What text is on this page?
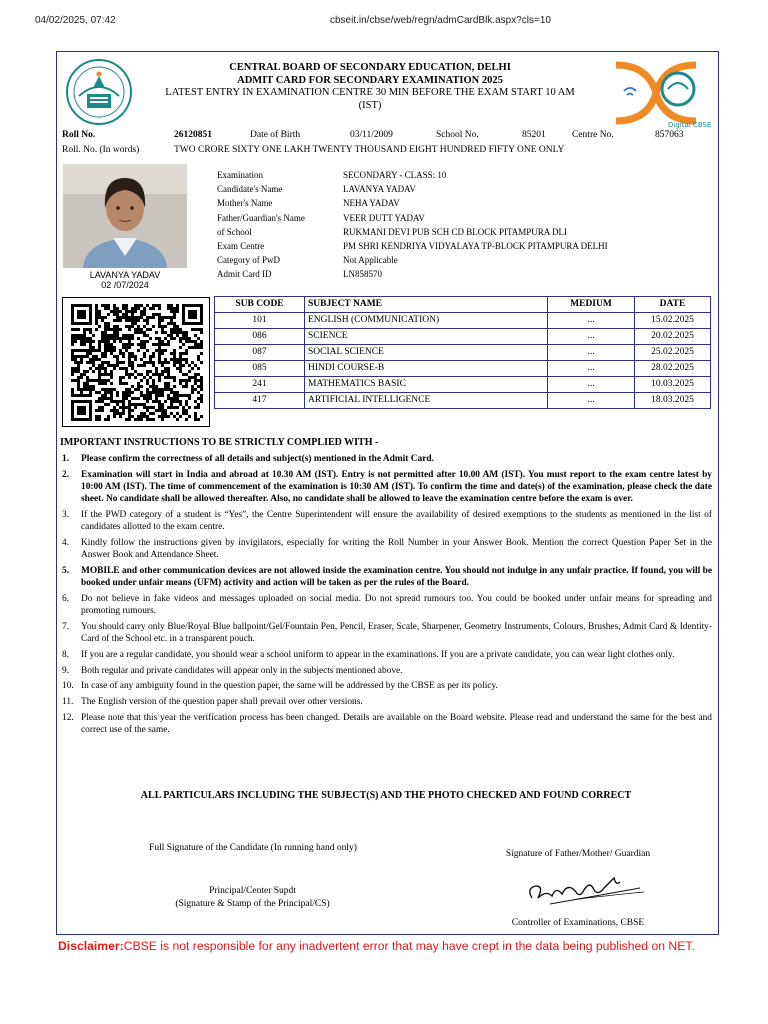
04/02/2025, 07:42	cbseit.in/cbse/web/regn/admCardBlk.aspx?cls=10
Digital CBSE
CENTRAL BOARD OF SECONDARY EDUCATION, DELHI
ADMIT CARD FOR SECONDARY EXAMINATION 2025
LATEST ENTRY IN EXAMINATION CENTRE 30 MIN BEFORE THE EXAM START 10 AM
(IST)
Roll No.	26120851	Date of Birth	03/11/2009	School No.	85201	Centre No.	857063
Roll. No. (In words)	TWO CRORE SIXTY ONE LAKH TWENTY THOUSAND EIGHT HUNDRED FIFTY ONE ONLY
LAVANYA YADAV
02 /07/2024
Examination	SECONDARY - CLASS: 10
Candidate's Name	LAVANYA YADAV
Mother's Name	NEHA YADAV
Father/Guardian's Name	VEER DUTT YADAV
of School	RUKMANI DEVI PUB SCH CD BLOCK PITAMPURA DLI
Exam Centre	PM SHRI KENDRIYA VIDYALAYA TP-BLOCK PITAMPURA DELHI
Category of PwD	Not Applicable
Admit Card ID	LN858570
SUB CODE	SUBJECT NAME	MEDIUM	DATE
101	ENGLISH (COMMUNICATION)	...	15.02.2025
086	SCIENCE	...	20.02.2025
087	SOCIAL SCIENCE	...	25.02.2025
085	HINDI COURSE-B	...	28.02.2025
241	MATHEMATICS BASIC	...	10.03.2025
417	ARTIFICIAL INTELLIGENCE	...	18.03.2025
IMPORTANT INSTRUCTIONS TO BE STRICTLY COMPLIED WITH -
1. Please confirm the correctness of all details and subject(s) mentioned in the Admit Card.
2. Examination will start in India and abroad at 10.30 AM (IST). Entry is not permitted after 10.00 AM (IST). You must report to the exam centre latest by 10:00 AM (IST). The time of commencement of the examination is 10:30 AM (IST). To confirm the time and date(s) of the examination, please check the date sheet. No candidate shall be allowed thereafter. Also, no candidate shall be allowed to leave the examination centre before the exam is over.
3. If the PWD category of a student is “Yes”, the Centre Superintendent will ensure the availability of desired exemptions to the students as mentioned in the list of candidates allotted to the exam centre.
4. Kindly follow the instructions given by invigilators, especially for writing the Roll Number in your Answer Book. Mention the correct Question Paper Set in the Answer Book and Attendance Sheet.
5. MOBILE and other communication devices are not allowed inside the examination centre. You should not indulge in any unfair practice. If found, you will be booked under unfair means (UFM) activity and action will be taken as per the rules of the Board.
6. Do not believe in fake videos and messages uploaded on social media. Do not spread rumours too. You could be booked under unfair means for spreading and promoting rumours.
7. You should carry only Blue/Royal Blue ballpoint/Gel/Fountain Pen, Pencil, Eraser, Scale, Sharpener, Geometry Instruments, Colours, Brushes, Admit Card & Identity-Card of the School etc. in a transparent pouch.
8. If you are a regular candidate, you should wear a school uniform to appear in the examinations. If you are a private candidate, you can wear light clothes only.
9. Both regular and private candidates will appear only in the subjects mentioned above.
10. In case of any ambiguity found in the question paper, the same will be addressed by the CBSE as per its policy.
11. The English version of the question paper shall prevail over other versions.
12. Please note that this year the verification process has been changed. Details are available on the Board website. Please read and understand the same for the best and correct use of the same.
ALL PARTICULARS INCLUDING THE SUBJECT(S) AND THE PHOTO CHECKED AND FOUND CORRECT
Full Signature of the Candidate (In running hand only)
Signature of Father/Mother/ Guardian
Principal/Center Supdt
(Signature & Stamp of the Principal/CS)
Controller of Examinations, CBSE
Disclaimer:CBSE is not responsible for any inadvertent error that may have crept in the data being published on NET.
